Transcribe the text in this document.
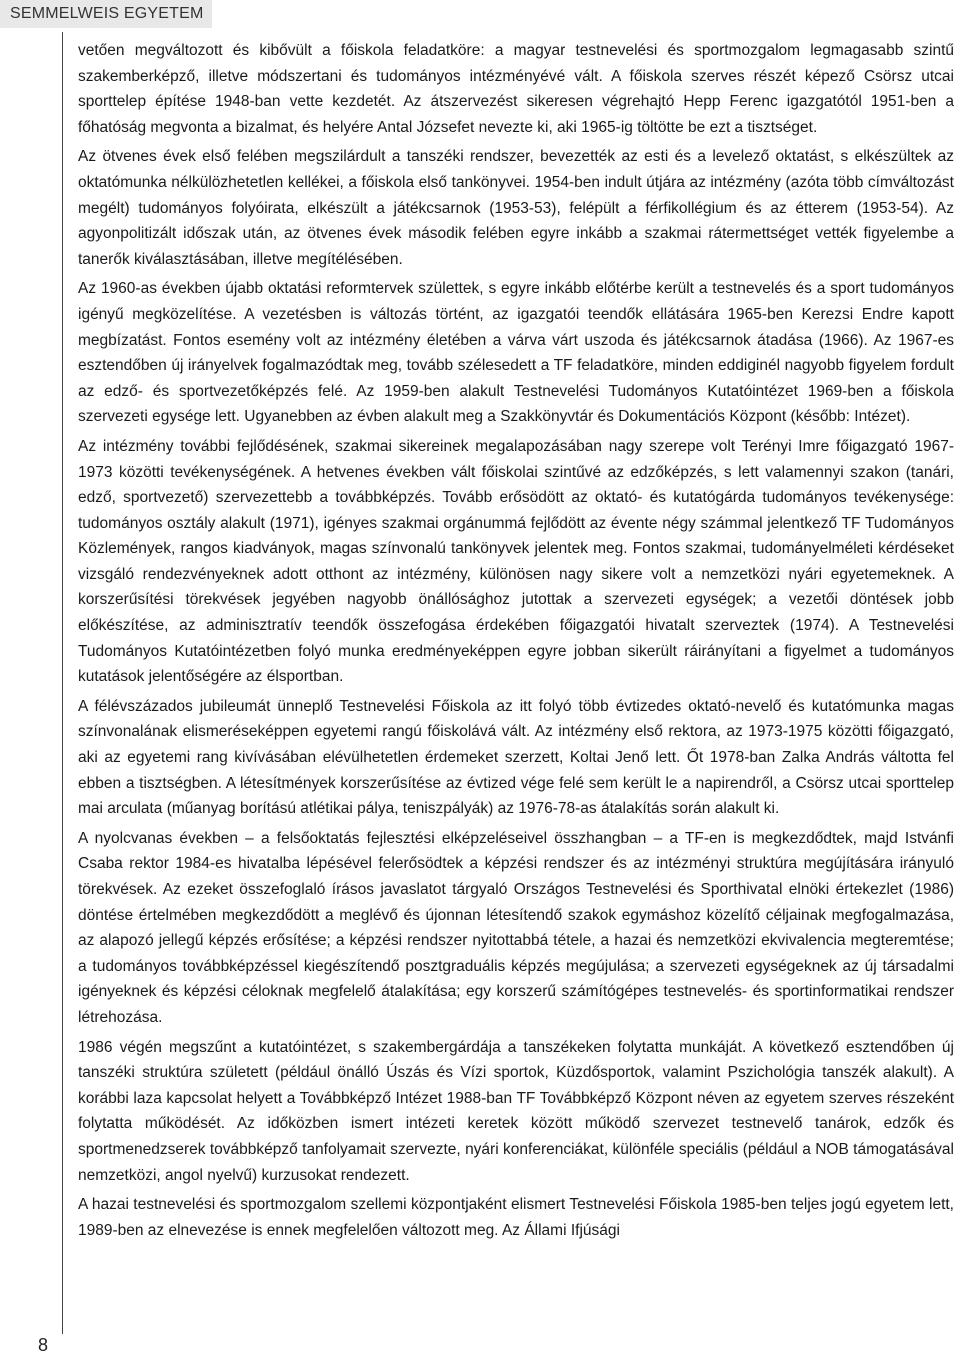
SEMMELWEIS EGYETEM
8

vetően megváltozott és kibővült a főiskola feladatköre: a magyar testnevelési és sportmozgalom legmagasabb szintű szakemberképző, illetve módszertani és tudományos intézményévé vált. A főiskola szerves részét képező Csörsz utcai sporttelep építése 1948-ban vette kezdetét. Az átszervezést sikeresen végrehajtó Hepp Ferenc igazgatótól 1951-ben a főhatóság megvonta a bizalmat, és helyére Antal Józsefet nevezte ki, aki 1965-ig töltötte be ezt a tisztséget.

Az ötvenes évek első felében megszilárdult a tanszéki rendszer, bevezették az esti és a levelező oktatást, s elkészültek az oktatómunka nélkülözhetetlen kellékei, a főiskola első tankönyvei. 1954-ben indult útjára az intézmény (azóta több címváltozást megélt) tudományos folyóirata, elkészült a játékcsarnok (1953-53), felépült a férfikollégium és az étterem (1953-54). Az agyonpolitizált időszak után, az ötvenes évek második felében egyre inkább a szakmai rátermettséget vették figyelembe a tanerők kiválasztásában, illetve megítélésében.

Az 1960-as években újabb oktatási reformtervek születtek, s egyre inkább előtérbe került a testnevelés és a sport tudományos igényű megközelítése. A vezetésben is változás történt, az igazgatói teendők ellátására 1965-ben Kerezsi Endre kapott megbízatást. Fontos esemény volt az intézmény életében a várva várt uszoda és játékcsarnok átadása (1966). Az 1967-es esztendőben új irányelvek fogalmazódtak meg, tovább szélesedett a TF feladatköre, minden eddiginél nagyobb figyelem fordult az edző- és sportvezetőképzés felé. Az 1959-ben alakult Testnevelési Tudományos Kutatóintézet 1969-ben a főiskola szervezeti egysége lett. Ugyanebben az évben alakult meg a Szakkönyvtár és Dokumentációs Központ (később: Intézet).

Az intézmény további fejlődésének, szakmai sikereinek megalapozásában nagy szerepe volt Terényi Imre főigazgató 1967-1973 közötti tevékenységének. A hetvenes években vált főiskolai szintűvé az edzőképzés, s lett valamennyi szakon (tanári, edző, sportvezető) szervezettebb a továbbképzés. Tovább erősödött az oktató- és kutatógárda tudományos tevékenysége: tudományos osztály alakult (1971), igényes szakmai orgánummá fejlődött az évente négy számmal jelentkező TF Tudományos Közlemények, rangos kiadványok, magas színvonalú tankönyvek jelentek meg. Fontos szakmai, tudományelméleti kérdéseket vizsgáló rendezvényeknek adott otthont az intézmény, különösen nagy sikere volt a nemzetközi nyári egyetemeknek. A korszerűsítési törekvések jegyében nagyobb önállósághoz jutottak a szervezeti egységek; a vezetői döntések jobb előkészítése, az adminisztratív teendők összefogása érdekében főigazgatói hivatalt szerveztek (1974). A Testnevelési Tudományos Kutatóintézetben folyó munka eredményeképpen egyre jobban sikerült ráirányítani a figyelmet a tudományos kutatások jelentőségére az élsportban.

A félévszázados jubileumát ünneplő Testnevelési Főiskola az itt folyó több évtizedes oktató-nevelő és kutatómunka magas színvonalának elismeréseképpen egyetemi rangú főiskolává vált. Az intézmény első rektora, az 1973-1975 közötti főigazgató, aki az egyetemi rang kivívásában elévülhetetlen érdemeket szerzett, Koltai Jenő lett. Őt 1978-ban Zalka András váltotta fel ebben a tisztségben. A létesítmények korszerűsítése az évtized vége felé sem került le a napirendről, a Csörsz utcai sporttelep mai arculata (műanyag borítású atlétikai pálya, teniszpályák) az 1976-78-as átalakítás során alakult ki.

A nyolcvanas években – a felsőoktatás fejlesztési elképzeléseivel összhangban – a TF-en is megkezdődtek, majd Istvánfi Csaba rektor 1984-es hivatalba lépésével felerősödtek a képzési rendszer és az intézményi struktúra megújítására irányuló törekvések. Az ezeket összefoglaló írásos javaslatot tárgyaló Országos Testnevelési és Sporthivatal elnöki értekezlet (1986) döntése értelmében megkezdődött a meglévő és újonnan létesítendő szakok egymáshoz közelítő céljainak megfogalmazása, az alapozó jellegű képzés erősítése; a képzési rendszer nyitottabbá tétele, a hazai és nemzetközi ekvivalencia megteremtése; a tudományos továbbképzéssel kiegészítendő posztgraduális képzés megújulása; a szervezeti egységeknek az új társadalmi igényeknek és képzési céloknak megfelelő átalakítása; egy korszerű számítógépes testnevelés- és sportinformatikai rendszer létrehozása.

1986 végén megszűnt a kutatóintézet, s szakembergárdája a tanszékeken folytatta munkáját. A következő esztendőben új tanszéki struktúra született (például önálló Úszás és Vízi sportok, Küzdősportok, valamint Pszichológia tanszék alakult). A korábbi laza kapcsolat helyett a Továbbképző Intézet 1988-ban TF Továbbképző Központ néven az egyetem szerves részeként folytatta működését. Az időközben ismert intézeti keretek között működő szervezet testnevelő tanárok, edzők és sportmenedzserek továbbképző tanfolyamait szervezte, nyári konferenciákat, különféle speciális (például a NOB támogatásával nemzetközi, angol nyelvű) kurzusokat rendezett.

A hazai testnevelési és sportmozgalom szellemi központjaként elismert Testnevelési Főiskola 1985-ben teljes jogú egyetem lett, 1989-ben az elnevezése is ennek megfelelően változott meg. Az Állami Ifjúsági
